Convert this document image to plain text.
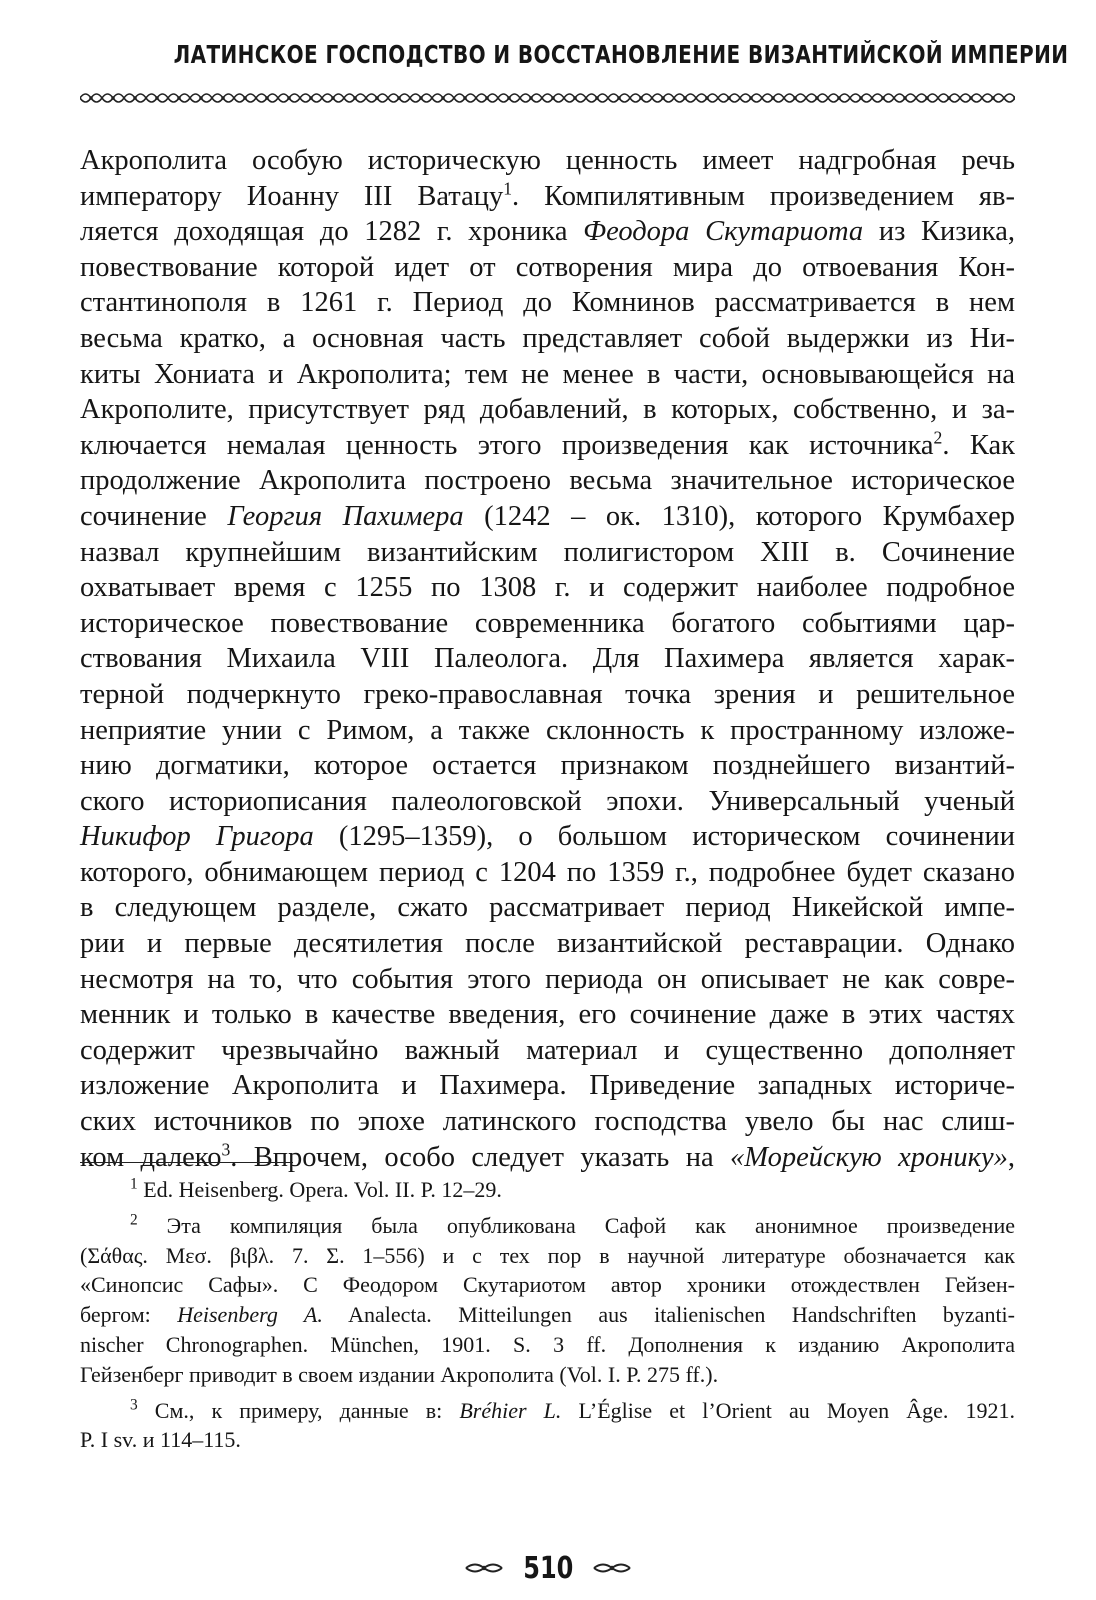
ЛАТИНСКОЕ ГОСПОДСТВО И ВОССТАНОВЛЕНИЕ ВИЗАНТИЙСКОЙ ИМПЕРИИ
Акрополита особую историческую ценность имеет надгробная речь
императору Иоанну III Ватацу$^1$. Компилятивным произведением яв-
ляется доходящая до 1282 г. хроника Феодора Скутариота из Кизика,
повествование которой идет от сотворения мира до отвоевания Кон-
стантинополя в 1261 г. Период до Комнинов рассматривается в нем
весьма кратко, а основная часть представляет собой выдержки из Ни-
киты Хониата и Акрополита; тем не менее в части, основывающейся на
Акрополите, присутствует ряд добавлений, в которых, собственно, и за-
ключается немалая ценность этого произведения как источника$^2$. Как
продолжение Акрополита построено весьма значительное историческое
сочинение Георгия Пахимера (1242 – ок. 1310), которого Крумбахер
назвал крупнейшим византийским полигистором XIII в. Сочинение
охватывает время с 1255 по 1308 г. и содержит наиболее подробное
историческое повествование современника богатого событиями цар-
ствования Михаила VIII Палеолога. Для Пахимера является харак-
терной подчеркнуто греко-православная точка зрения и решительное
неприятие унии с Римом, а также склонность к пространному изложе-
нию догматики, которое остается признаком позднейшего византий-
ского историописания палеологовской эпохи. Универсальный ученый
Никифор Григора (1295–1359), о большом историческом сочинении
которого, обнимающем период с 1204 по 1359 г., подробнее будет сказано
в следующем разделе, сжато рассматривает период Никейской импе-
рии и первые десятилетия после византийской реставрации. Однако
несмотря на то, что события этого периода он описывает не как совре-
менник и только в качестве введения, его сочинение даже в этих частях
содержит чрезвычайно важный материал и существенно дополняет
изложение Акрополита и Пахимера. Приведение западных историче-
ских источников по эпохе латинского господства увело бы нас слиш-
ком далеко$^3$. Впрочем, особо следует указать на «Морейскую хронику»,
$^1$ Ed. Heisenberg. Opera. Vol. II. P. 12–29.
$^2$ Эта компиляция была опубликована Сафой как анонимное произведение
(Σάθας. Μεσ. βιβλ. 7. Σ. 1–556) и с тех пор в научной литературе обозначается как
«Синопсис Сафы». С Феодором Скутариотом автор хроники отождествлен Гейзен-
бергом: Heisenberg A. Analecta. Mitteilungen aus italienischen Handschriften byzanti-
nischer Chronographen. München, 1901. S. 3 ff. Дополнения к изданию Акрополита
Гейзенберг приводит в своем издании Акрополита (Vol. I. P. 275 ff.).
$^3$ См., к примеру, данные в: Bréhier L. L’Église et l’Orient au Moyen Âge. 1921.
P. I sv. и 114–115.
510
